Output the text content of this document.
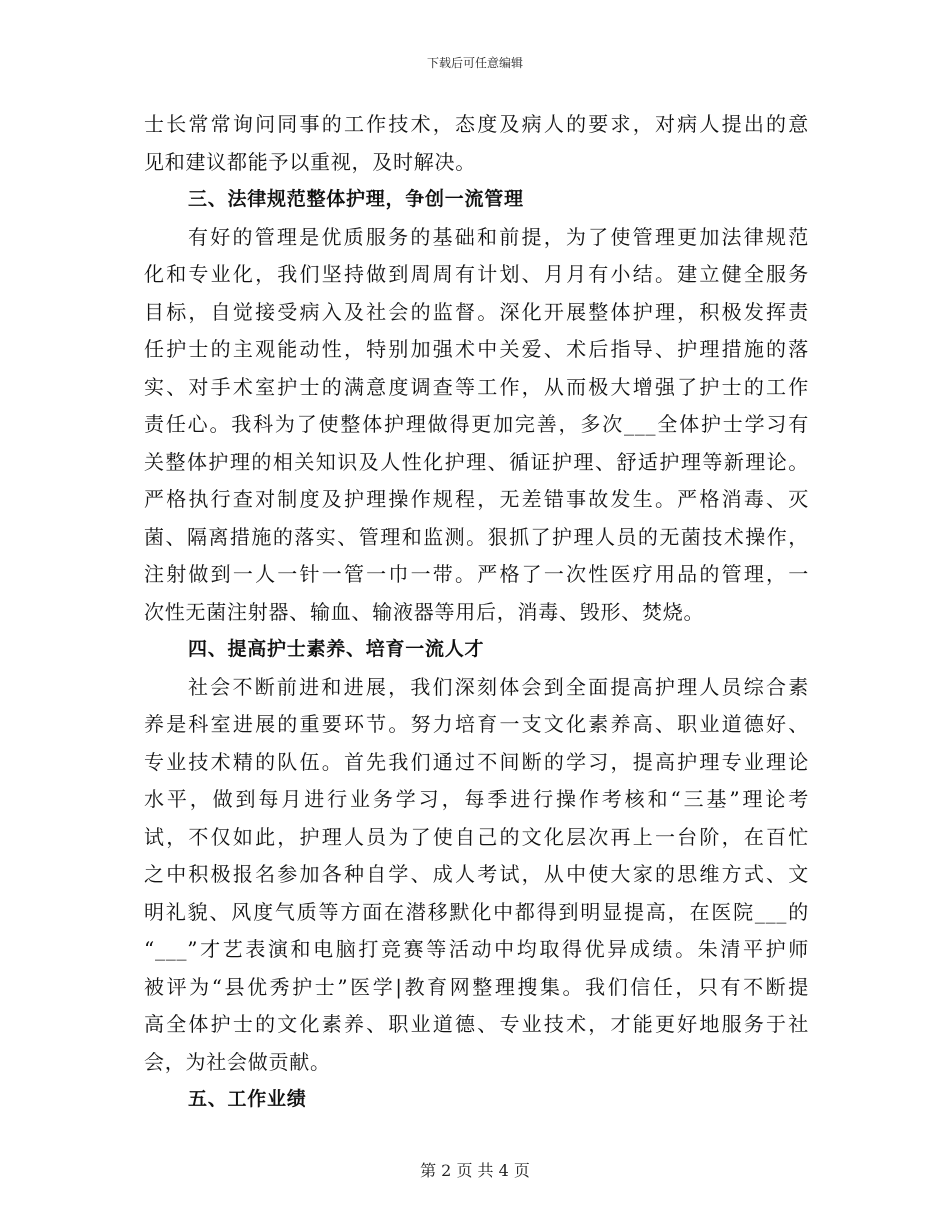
下载后可任意编辑
士长常常询问同事的工作技术，态度及病人的要求，对病人提出的意
见和建议都能予以重视，及时解决。
三、法律规范整体护理，争创一流管理
有好的管理是优质服务的基础和前提，为了使管理更加法律规范
化和专业化，我们坚持做到周周有计划、月月有小结。建立健全服务
目标，自觉接受病入及社会的监督。深化开展整体护理，积极发挥责
任护士的主观能动性，特别加强术中关爱、术后指导、护理措施的落
实、对手术室护士的满意度调查等工作，从而极大增强了护士的工作
责任心。我科为了使整体护理做得更加完善，多次___全体护士学习有
关整体护理的相关知识及人性化护理、循证护理、舒适护理等新理论。
严格执行查对制度及护理操作规程，无差错事故发生。严格消毒、灭
菌、隔离措施的落实、管理和监测。狠抓了护理人员的无菌技术操作，
注射做到一人一针一管一巾一带。严格了一次性医疗用品的管理，一
次性无菌注射器、输血、输液器等用后，消毒、毁形、焚烧。
四、提高护士素养、培育一流人才
社会不断前进和进展，我们深刻体会到全面提高护理人员综合素
养是科室进展的重要环节。努力培育一支文化素养高、职业道德好、
专业技术精的队伍。首先我们通过不间断的学习，提高护理专业理论
水平，做到每月进行业务学习，每季进行操作考核和“三基”理论考
试，不仅如此，护理人员为了使自己的文化层次再上一台阶，在百忙
之中积极报名参加各种自学、成人考试，从中使大家的思维方式、文
明礼貌、风度气质等方面在潜移默化中都得到明显提高，在医院___的
“___”才艺表演和电脑打竞赛等活动中均取得优异成绩。朱清平护师
被评为“县优秀护士”医学|教育网整理搜集。我们信任，只有不断提
高全体护士的文化素养、职业道德、专业技术，才能更好地服务于社
会，为社会做贡献。
五、工作业绩
第 2 页 共 4 页
